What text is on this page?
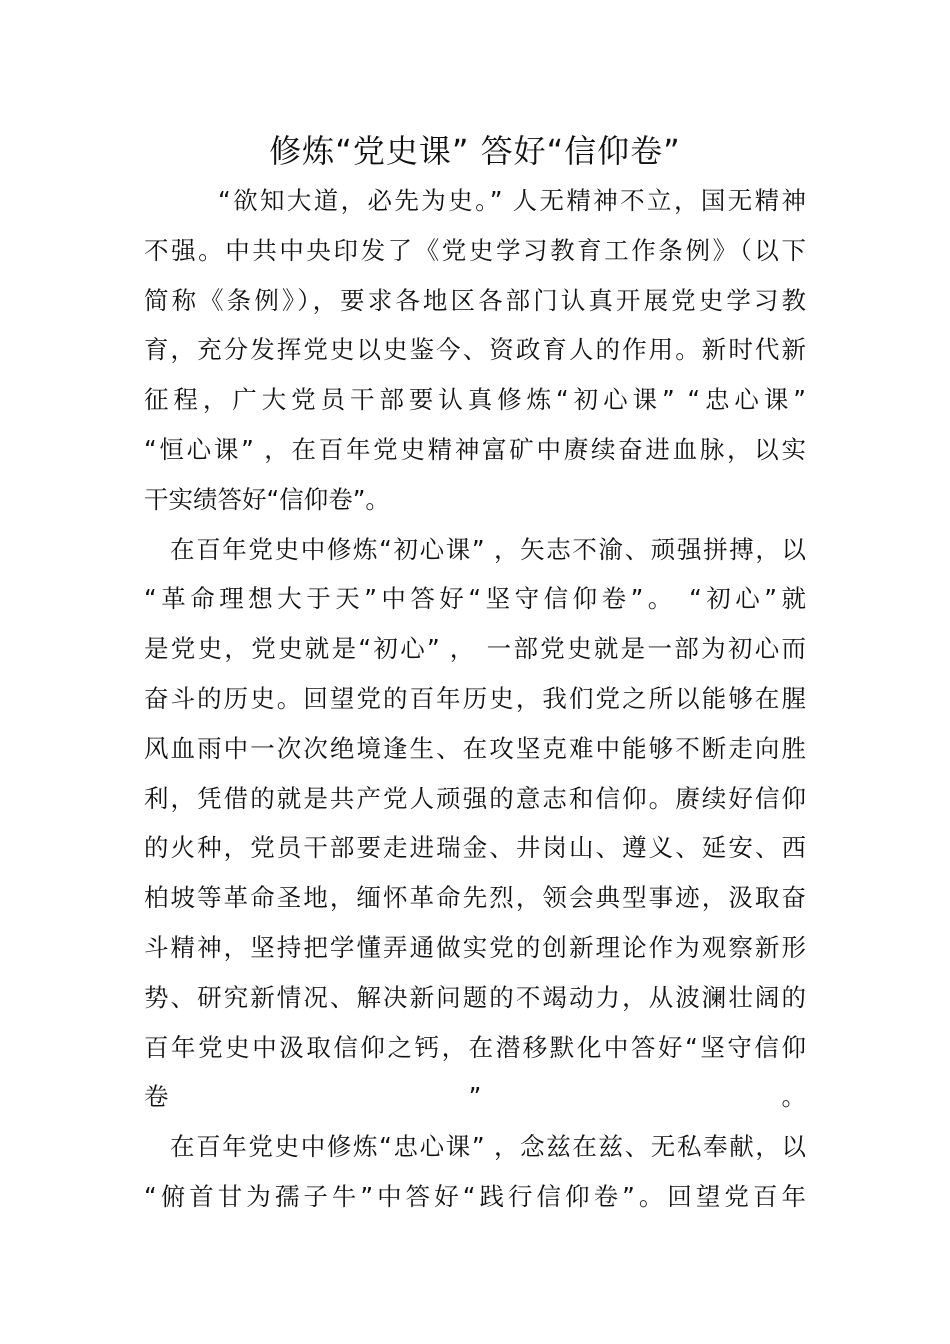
修炼“党史课” 答好“信仰卷”

“欲知大道，必先为史。” 人无精神不立，国无精神
不强。中共中央印发了《党史学习教育工作条例》（以下
简称《条例》），要求各地区各部门认真开展党史学习教
育，充分发挥党史以史鉴今、资政育人的作用。新时代新
征程，广大党员干部要认真修炼“初心课” “忠心课”
“恒心课” ，在百年党史精神富矿中赓续奋进血脉，以实
干实绩答好“信仰卷”。

在百年党史中修炼“初心课” ，矢志不渝、顽强拼搏，以
“革命理想大于天”中答好“坚守信仰卷”。 “初心”就
是党史，党史就是“初心” ， 一部党史就是一部为初心而
奋斗的历史。回望党的百年历史，我们党之所以能够在腥
风血雨中一次次绝境逢生、在攻坚克难中能够不断走向胜
利，凭借的就是共产党人顽强的意志和信仰。赓续好信仰
的火种，党员干部要走进瑞金、井岗山、遵义、延安、西
柏坡等革命圣地，缅怀革命先烈，领会典型事迹，汲取奋
斗精神，坚持把学懂弄通做实党的创新理论作为观察新形
势、研究新情况、解决新问题的不竭动力，从波澜壮阔的
百年党史中汲取信仰之钙，在潜移默化中答好“坚守信仰
卷”。

在百年党史中修炼“忠心课” ，念兹在兹、无私奉献，以
“俯首甘为孺子牛”中答好“践行信仰卷”。回望党百年
